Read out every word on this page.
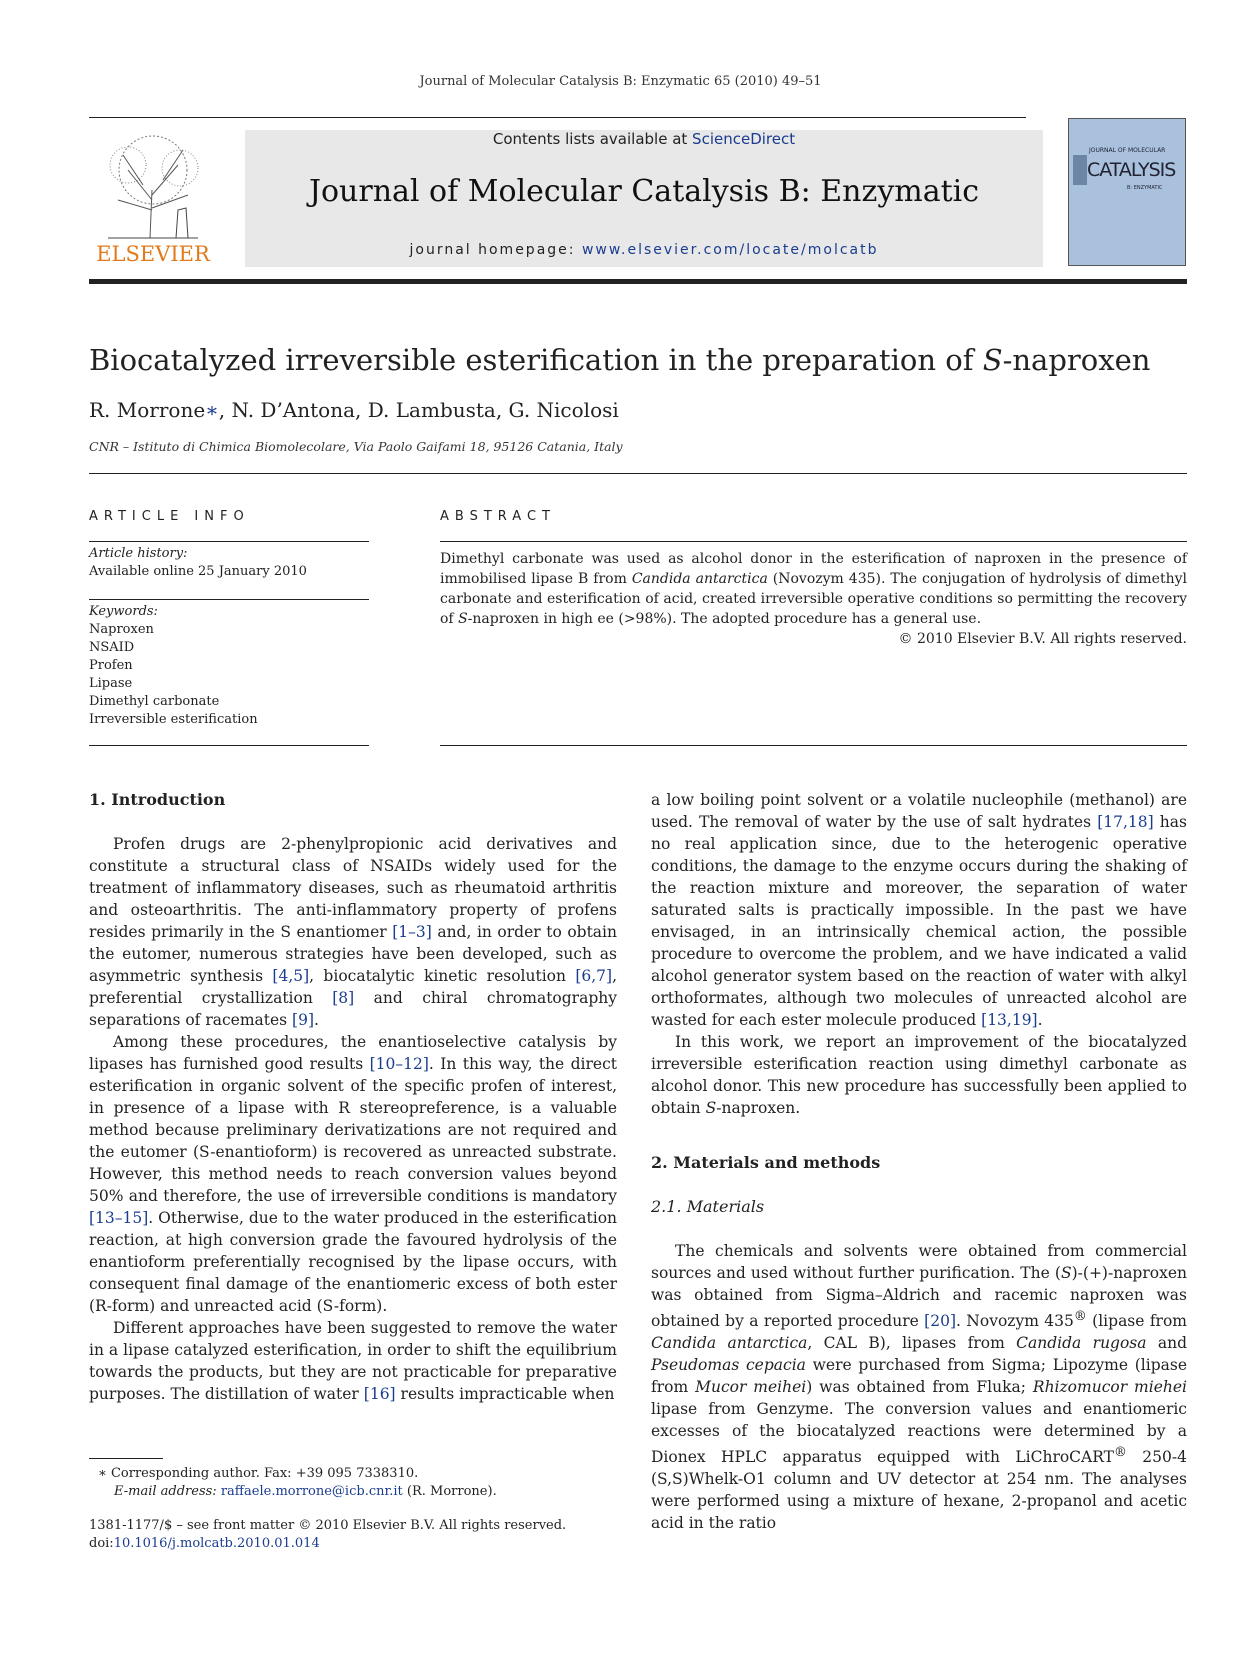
Journal of Molecular Catalysis B: Enzymatic 65 (2010) 49–51
ELSEVIER
Contents lists available at ScienceDirect
Journal of Molecular Catalysis B: Enzymatic
journal homepage: www.elsevier.com/locate/molcatb
JOURNAL OF MOLECULAR
CATALYSIS
B: ENZYMATIC
Biocatalyzed irreversible esterification in the preparation of S-naproxen
R. Morrone∗, N. D’Antona, D. Lambusta, G. Nicolosi
CNR – Istituto di Chimica Biomolecolare, Via Paolo Gaifami 18, 95126 Catania, Italy
ARTICLE INFO
Article history:
Available online 25 January 2010
Keywords:
Naproxen
NSAID
Profen
Lipase
Dimethyl carbonate
Irreversible esterification
ABSTRACT
Dimethyl carbonate was used as alcohol donor in the esterification of naproxen in the presence of immobilised lipase B from Candida antarctica (Novozym 435). The conjugation of hydrolysis of dimethyl carbonate and esterification of acid, created irreversible operative conditions so permitting the recovery of S-naproxen in high ee (>98%). The adopted procedure has a general use.
© 2010 Elsevier B.V. All rights reserved.
1. Introduction

Profen drugs are 2-phenylpropionic acid derivatives and constitute a structural class of NSAIDs widely used for the treatment of inflammatory diseases, such as rheumatoid arthritis and osteoarthritis. The anti-inflammatory property of profens resides primarily in the S enantiomer [1–3] and, in order to obtain the eutomer, numerous strategies have been developed, such as asymmetric synthesis [4,5], biocatalytic kinetic resolution [6,7], preferential crystallization [8] and chiral chromatography separations of racemates [9].

Among these procedures, the enantioselective catalysis by lipases has furnished good results [10–12]. In this way, the direct esterification in organic solvent of the specific profen of interest, in presence of a lipase with R stereopreference, is a valuable method because preliminary derivatizations are not required and the eutomer (S-enantioform) is recovered as unreacted substrate. However, this method needs to reach conversion values beyond 50% and therefore, the use of irreversible conditions is mandatory [13–15]. Otherwise, due to the water produced in the esterification reaction, at high conversion grade the favoured hydrolysis of the enantioform preferentially recognised by the lipase occurs, with consequent final damage of the enantiomeric excess of both ester (R-form) and unreacted acid (S-form).

Different approaches have been suggested to remove the water in a lipase catalyzed esterification, in order to shift the equilibrium towards the products, but they are not practicable for preparative purposes. The distillation of water [16] results impracticable when

∗ Corresponding author. Fax: +39 095 7338310.
E-mail address: raffaele.morrone@icb.cnr.it (R. Morrone).
1381-1177/$ – see front matter © 2010 Elsevier B.V. All rights reserved.
doi:10.1016/j.molcatb.2010.01.014

a low boiling point solvent or a volatile nucleophile (methanol) are used. The removal of water by the use of salt hydrates [17,18] has no real application since, due to the heterogenic operative conditions, the damage to the enzyme occurs during the shaking of the reaction mixture and moreover, the separation of water saturated salts is practically impossible. In the past we have envisaged, in an intrinsically chemical action, the possible procedure to overcome the problem, and we have indicated a valid alcohol generator system based on the reaction of water with alkyl orthoformates, although two molecules of unreacted alcohol are wasted for each ester molecule produced [13,19].

In this work, we report an improvement of the biocatalyzed irreversible esterification reaction using dimethyl carbonate as alcohol donor. This new procedure has successfully been applied to obtain S-naproxen.

2. Materials and methods
2.1. Materials

The chemicals and solvents were obtained from commercial sources and used without further purification. The (S)-(+)-naproxen was obtained from Sigma–Aldrich and racemic naproxen was obtained by a reported procedure [20]. Novozym 435® (lipase from Candida antarctica, CAL B), lipases from Candida rugosa and Pseudomas cepacia were purchased from Sigma; Lipozyme (lipase from Mucor meihei) was obtained from Fluka; Rhizomucor miehei lipase from Genzyme. The conversion values and enantiomeric excesses of the biocatalyzed reactions were determined by a Dionex HPLC apparatus equipped with LiChroCART® 250-4 (S,S)Whelk-O1 column and UV detector at 254 nm. The analyses were performed using a mixture of hexane, 2-propanol and acetic acid in the ratio
